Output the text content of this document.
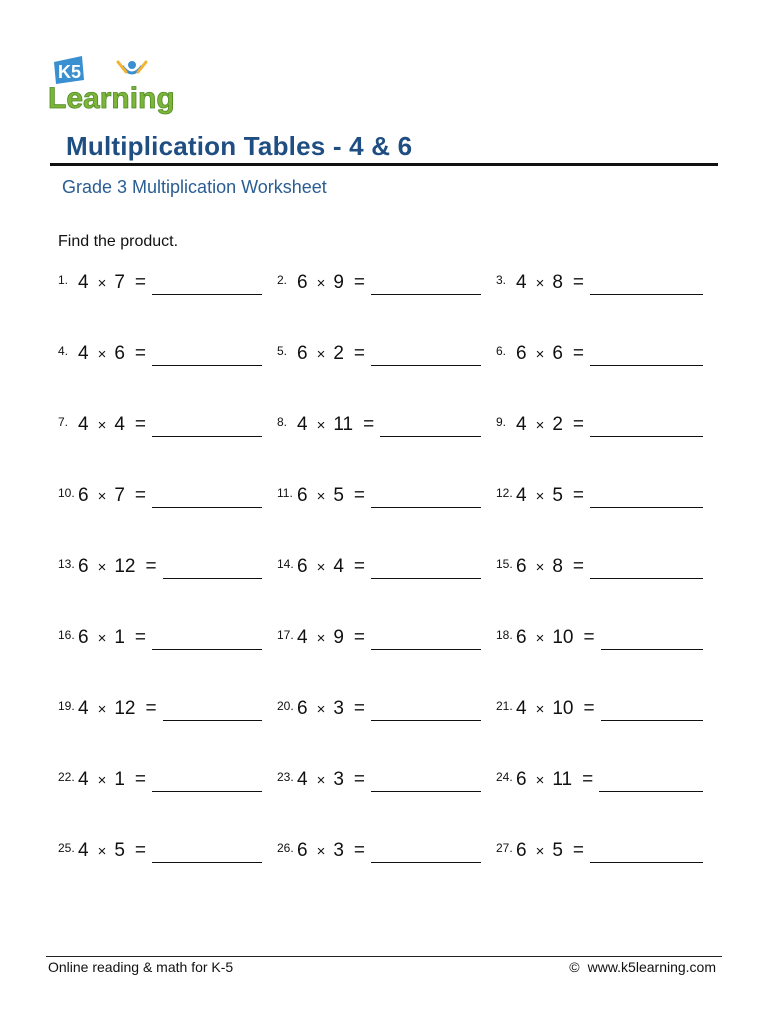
K5
Learning
Multiplication Tables - 4 & 6
Grade 3 Multiplication Worksheet
Find the product.
1. 4 × 7 =	2. 6 × 9 =	3. 4 × 8 =
4. 4 × 6 =	5. 6 × 2 =	6. 6 × 6 =
7. 4 × 4 =	8. 4 × 11 =	9. 4 × 2 =
10. 6 × 7 =	11. 6 × 5 =	12. 4 × 5 =
13. 6 × 12 =	14. 6 × 4 =	15. 6 × 8 =
16. 6 × 1 =	17. 4 × 9 =	18. 6 × 10 =
19. 4 × 12 =	20. 6 × 3 =	21. 4 × 10 =
22. 4 × 1 =	23. 4 × 3 =	24. 6 × 11 =
25. 4 × 5 =	26. 6 × 3 =	27. 6 × 5 =
Online reading & math for K-5	© www.k5learning.com
